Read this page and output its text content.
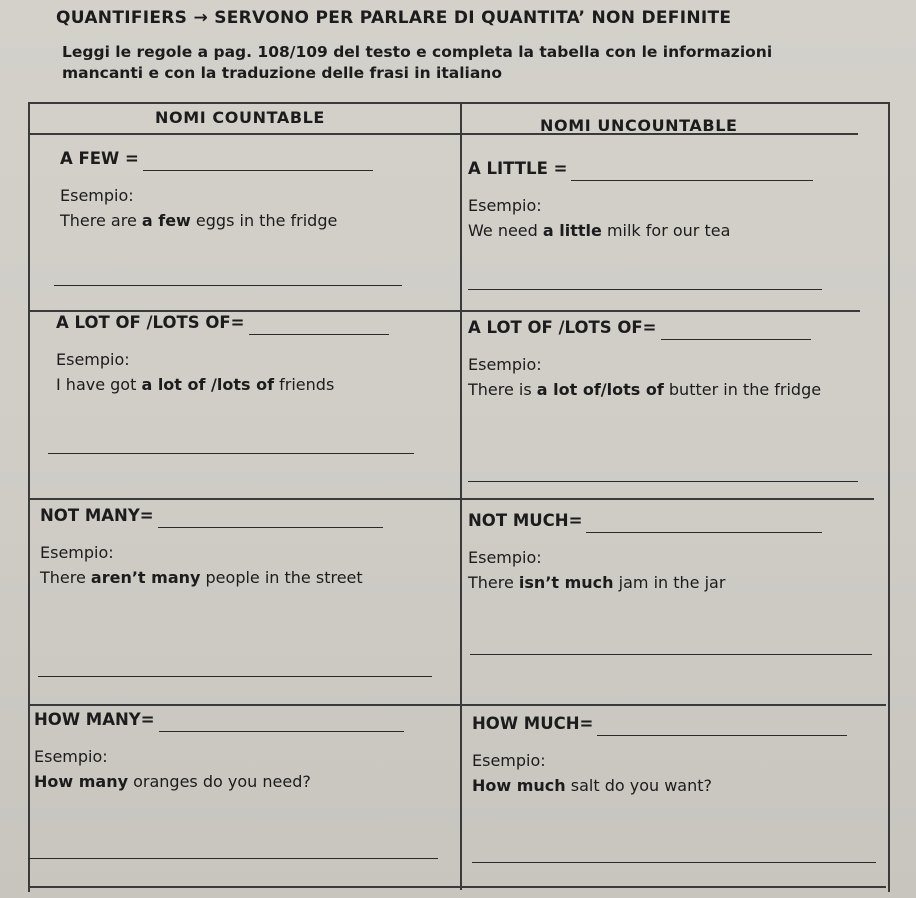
QUANTIFIERS → SERVONO PER PARLARE DI QUANTITA’ NON DEFINITE
Leggi le regole a pag. 108/109 del testo e completa la tabella con le informazioni mancanti e con la traduzione delle frasi in italiano
NOMI COUNTABLE	NOMI UNCOUNTABLE
A FEW =
Esempio:
There are a few eggs in the fridge
A LITTLE =
Esempio:
We need a little milk for our tea
A LOT OF /LOTS OF=
Esempio:
I have got a lot of /lots of friends
A LOT OF /LOTS OF=
Esempio:
There is a lot of/lots of butter in the fridge
NOT MANY=
Esempio:
There aren’t many people in the street
NOT MUCH=
Esempio:
There isn’t much jam in the jar
HOW MANY=
Esempio:
How many oranges do you need?
HOW MUCH=
Esempio:
How much salt do you want?
